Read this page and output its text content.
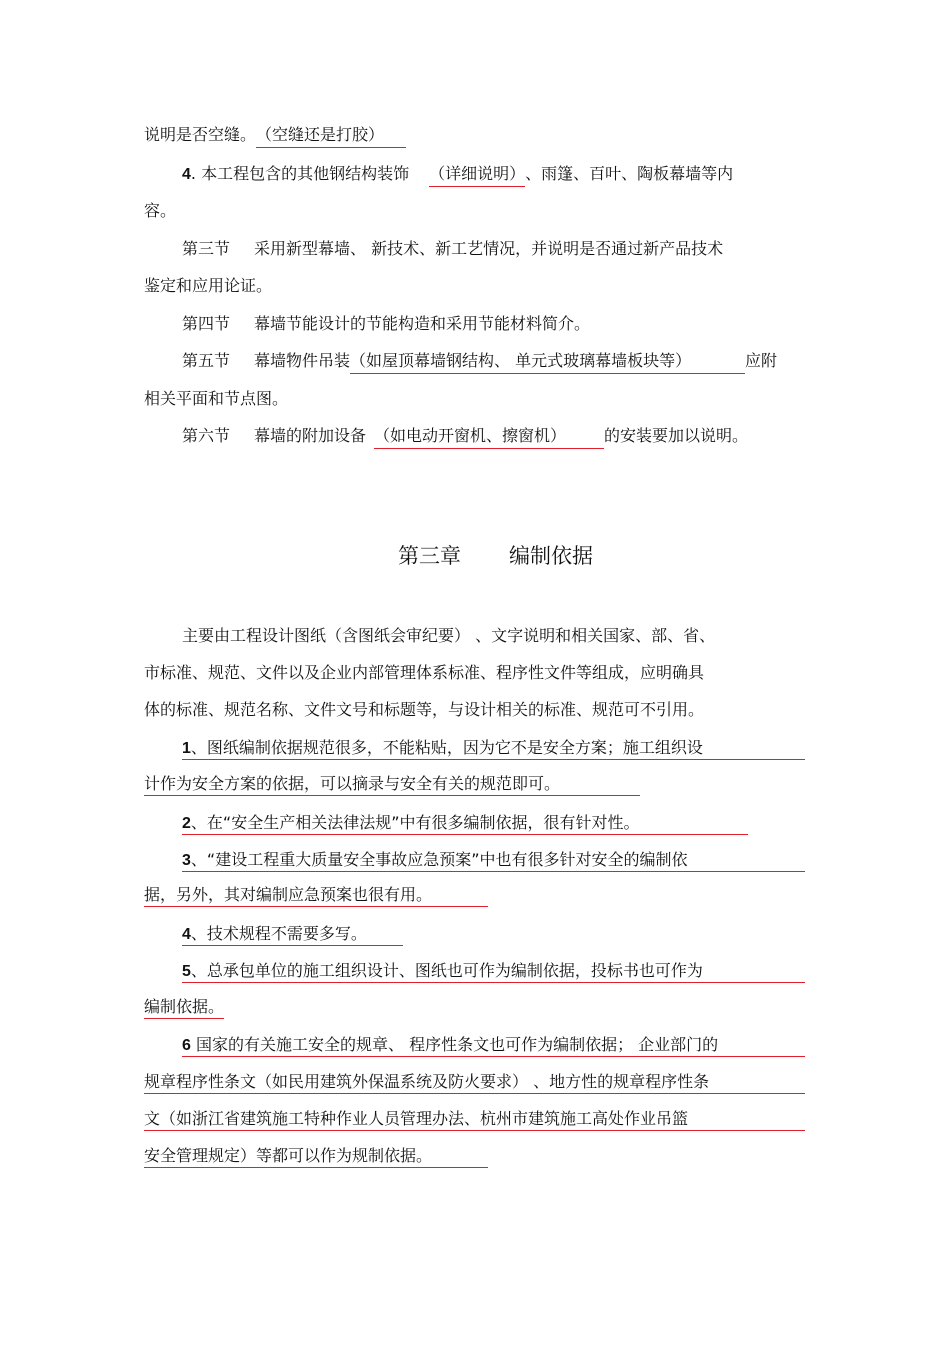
说明是否空缝。（空缝还是打胶）
4. 本工程包含的其他钢结构装饰 （详细说明）、雨篷、百叶、陶板幕墙等内
容。
第三节 采用新型幕墙、 新技术、新工艺情况，并说明是否通过新产品技术
鉴定和应用论证。
第四节 幕墙节能设计的节能构造和采用节能材料简介。
第五节 幕墙物件吊装（如屋顶幕墙钢结构、 单元式玻璃幕墙板块等）	应附
相关平面和节点图。
第六节 幕墙的附加设备 （如电动开窗机、擦窗机） 的安装要加以说明。
第三章 编制依据
主要由工程设计图纸（含图纸会审纪要） 、文字说明和相关国家、部、省、
市标准、规范、文件以及企业内部管理体系标准、程序性文件等组成，应明确具
体的标准、规范名称、文件文号和标题等，与设计相关的标准、规范可不引用。
1、图纸编制依据规范很多，不能粘贴，因为它不是安全方案；施工组织设
计作为安全方案的依据，可以摘录与安全有关的规范即可。
2、在“安全生产相关法律法规”中有很多编制依据，很有针对性。
3、“建设工程重大质量安全事故应急预案”中也有很多针对安全的编制依
据，另外，其对编制应急预案也很有用。
4、技术规程不需要多写。
5、总承包单位的施工组织设计、图纸也可作为编制依据，投标书也可作为
编制依据。
6 国家的有关施工安全的规章、 程序性条文也可作为编制依据； 企业部门的
规章程序性条文（如民用建筑外保温系统及防火要求） 、地方性的规章程序性条
文（如浙江省建筑施工特种作业人员管理办法、杭州市建筑施工高处作业吊篮
安全管理规定）等都可以作为规制依据。
